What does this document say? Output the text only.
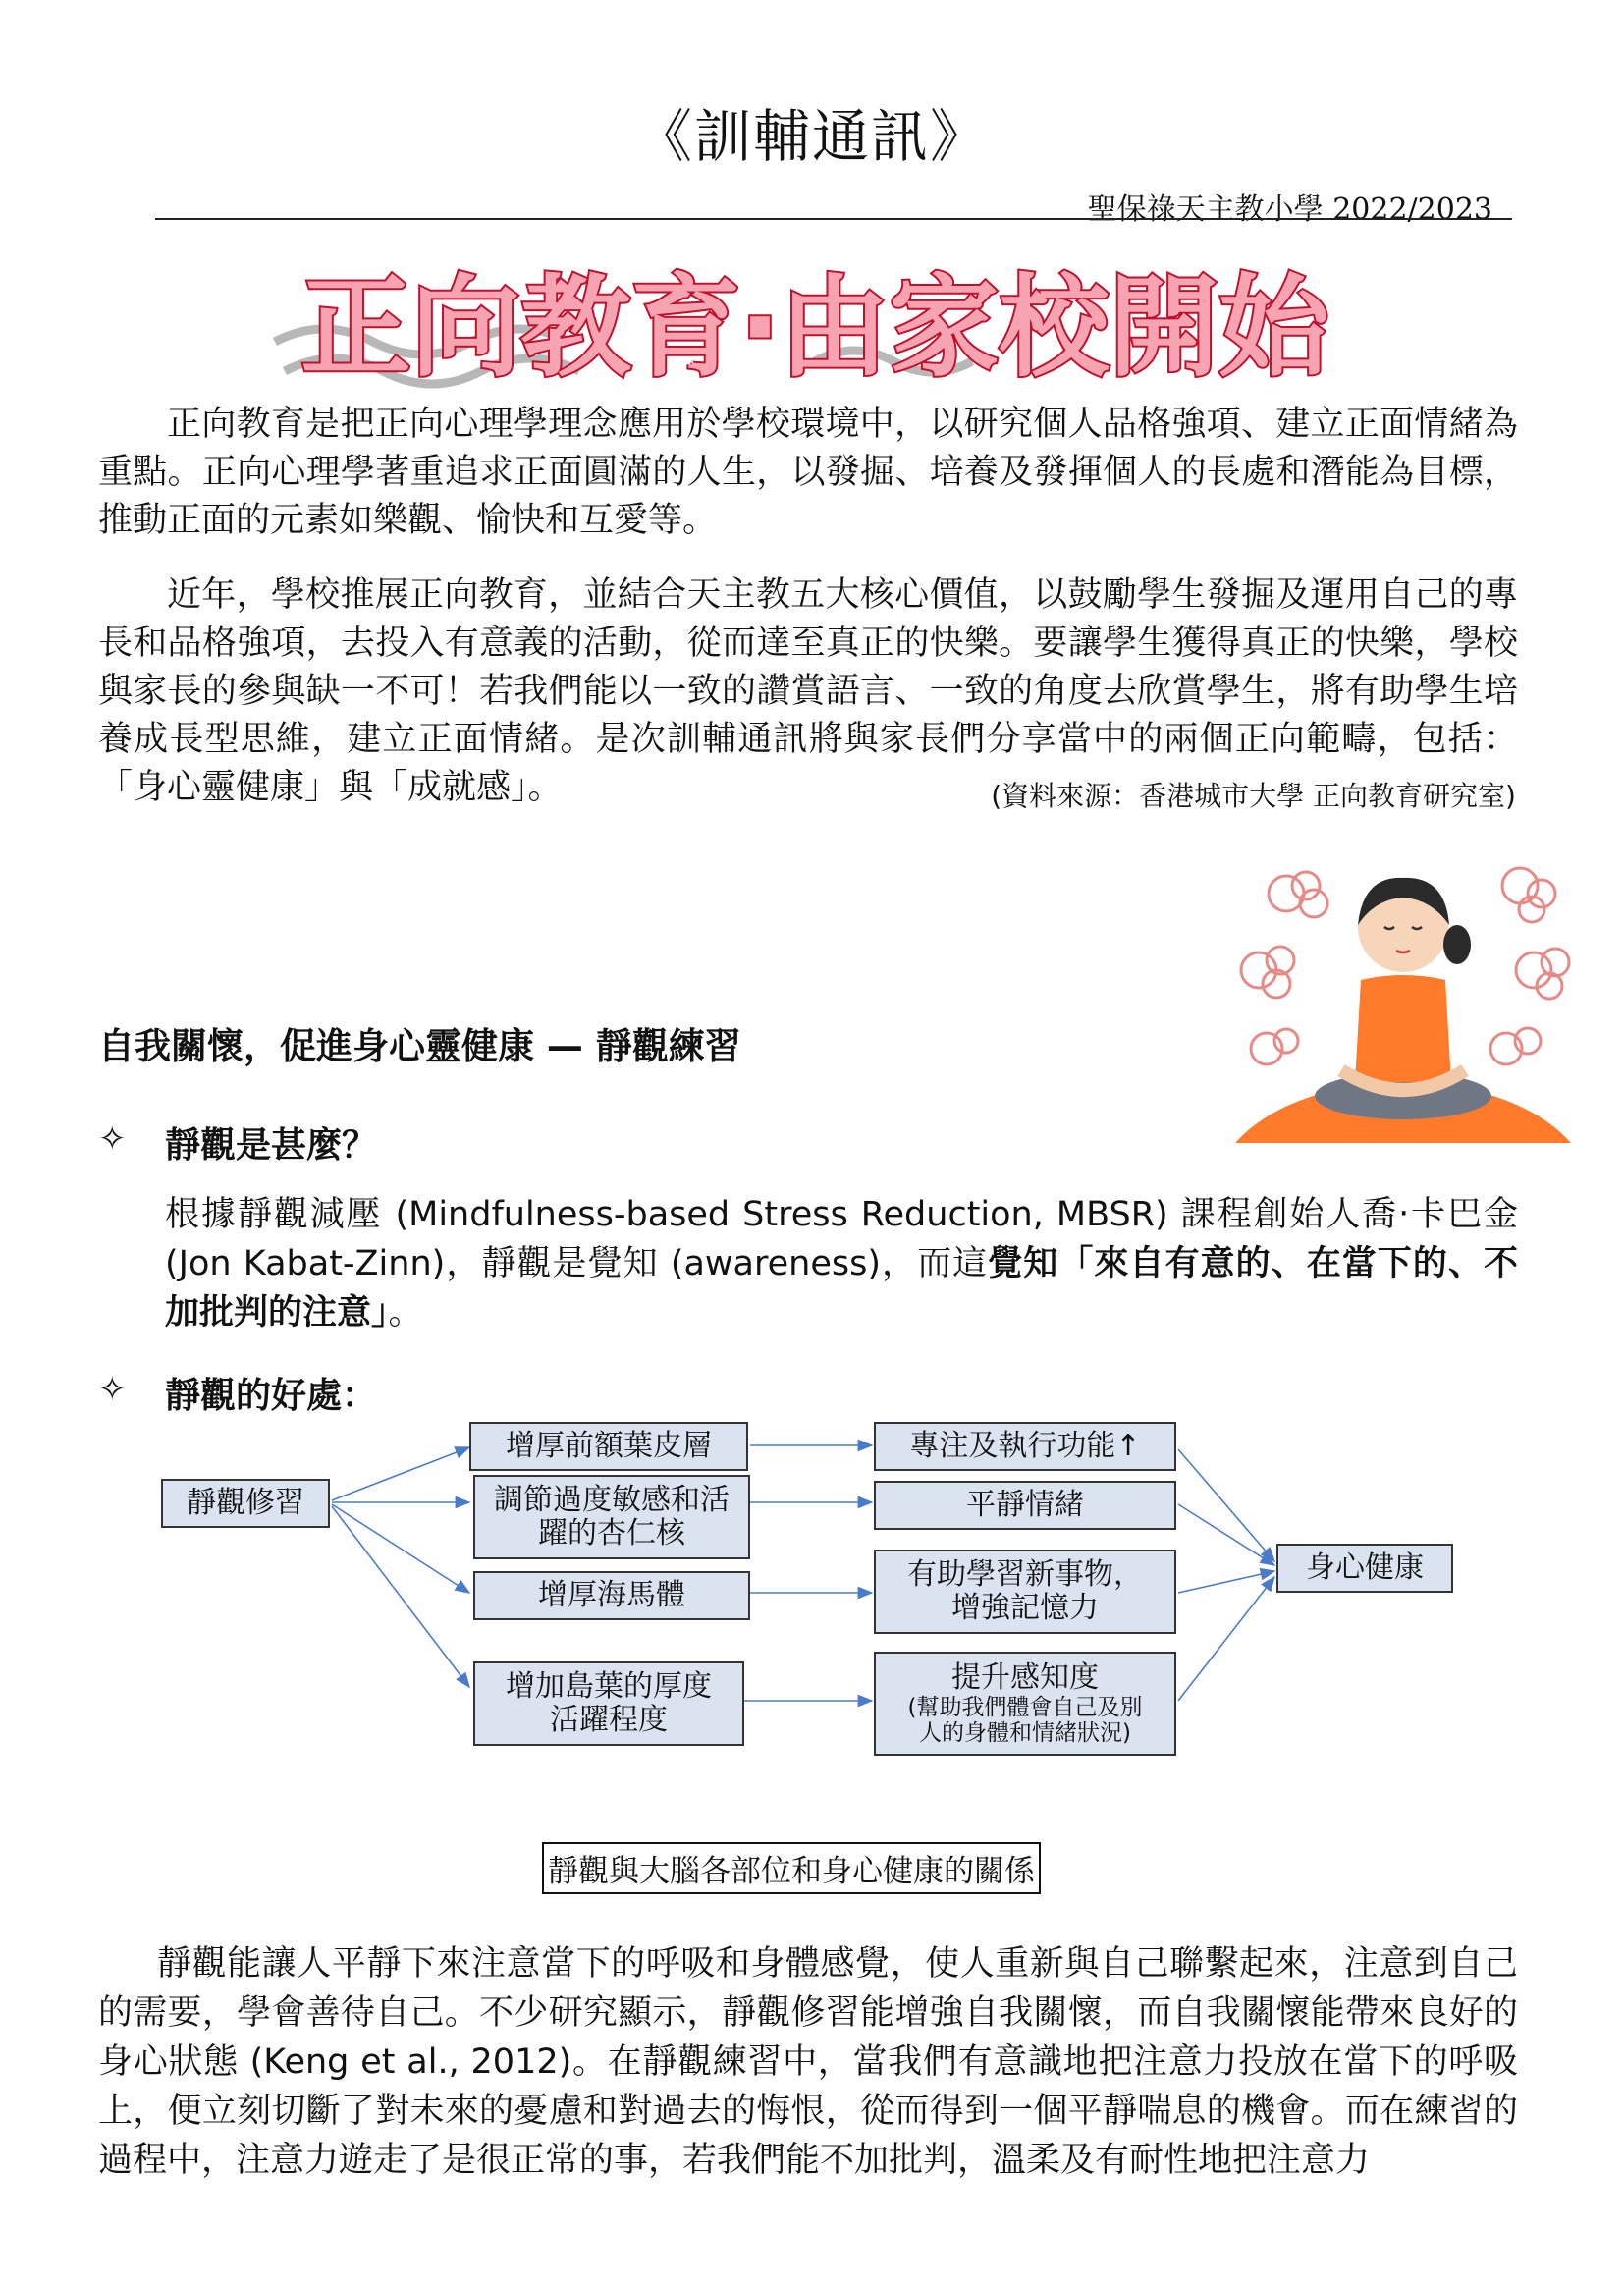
《訓輔通訊》
聖保祿天主教小學 2022/2023
正向教育‧由家校開始
正向教育是把正向心理學理念應用於學校環境中，以研究個人品格強項、建立正面情緒為重點。正向心理學著重追求正面圓滿的人生，以發掘、培養及發揮個人的長處和潛能為目標，推動正面的元素如樂觀、愉快和互愛等。
近年，學校推展正向教育，並結合天主教五大核心價值，以鼓勵學生發掘及運用自己的專長和品格強項，去投入有意義的活動，從而達至真正的快樂。要讓學生獲得真正的快樂，學校與家長的參與缺一不可！若我們能以一致的讚賞語言、一致的角度去欣賞學生，將有助學生培養成長型思維，建立正面情緒。是次訓輔通訊將與家長們分享當中的兩個正向範疇，包括：「身心靈健康」與「成就感」。	(資料來源：香港城市大學 正向教育研究室)
自我關懷，促進身心靈健康 — 靜觀練習
✧ 靜觀是甚麼？
根據靜觀減壓 (Mindfulness-based Stress Reduction, MBSR) 課程創始人喬‧卡巴金 (Jon Kabat-Zinn)，靜觀是覺知 (awareness)，而這覺知「來自有意的、在當下的、不加批判的注意」。
✧ 靜觀的好處：
靜觀修習
增厚前額葉皮層
調節過度敏感和活
躍的杏仁核
增厚海馬體
增加島葉的厚度
活躍程度
專注及執行功能↑
平靜情緒
有助學習新事物，
增強記憶力
提升感知度
(幫助我們體會自己及別
人的身體和情緒狀況)
身心健康
靜觀與大腦各部位和身心健康的關係
靜觀能讓人平靜下來注意當下的呼吸和身體感覺，使人重新與自己聯繫起來，注意到自己的需要，學會善待自己。不少研究顯示，靜觀修習能增強自我關懷，而自我關懷能帶來良好的身心狀態 (Keng et al., 2012)。在靜觀練習中，當我們有意識地把注意力投放在當下的呼吸上，便立刻切斷了對未來的憂慮和對過去的悔恨，從而得到一個平靜喘息的機會。而在練習的過程中，注意力遊走了是很正常的事，若我們能不加批判，溫柔及有耐性地把注意力
